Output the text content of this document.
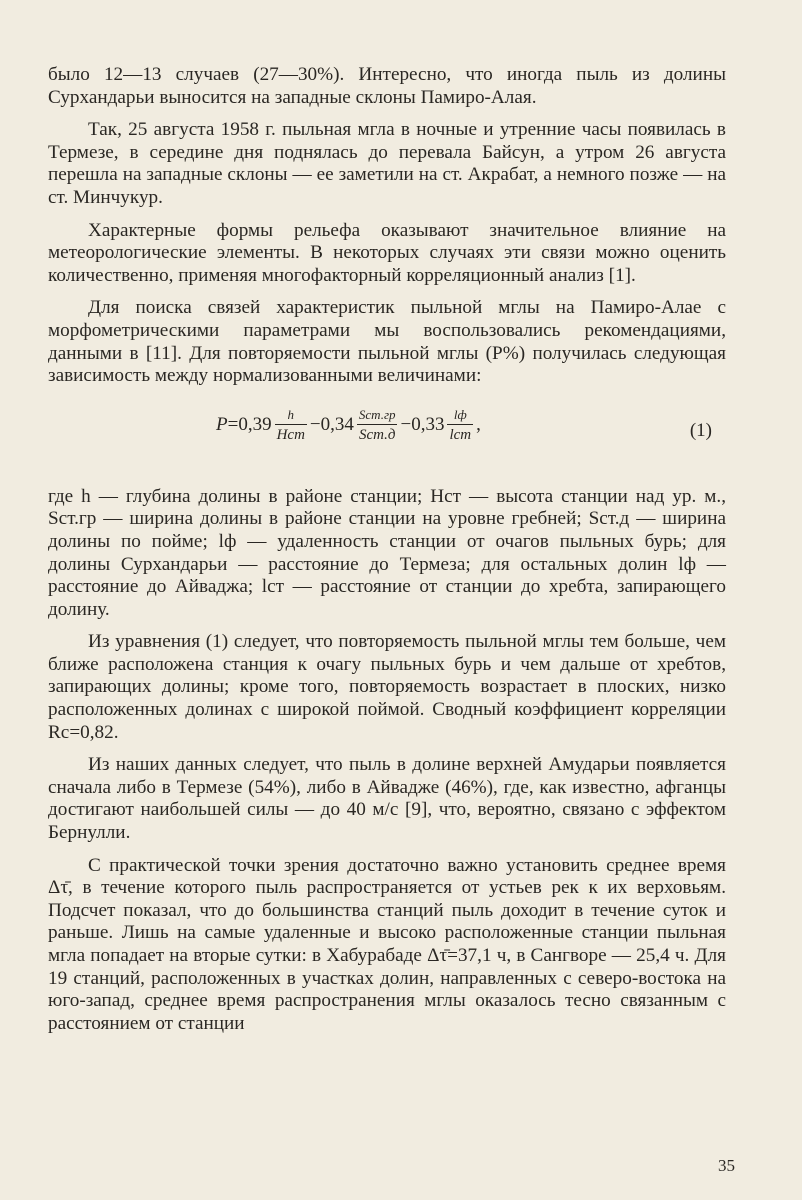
было 12—13 случаев (27—30%). Интересно, что иногда пыль из долины Сурхандарьи выносится на западные склоны Памиро-Алая.

Так, 25 августа 1958 г. пыльная мгла в ночные и утренние часы появилась в Термезе, в середине дня поднялась до перевала Байсун, а утром 26 августа перешла на западные склоны — ее заметили на ст. Акрабат, а немного позже — на ст. Минчукур.

Характерные формы рельефа оказывают значительное влияние на метеорологические элементы. В некоторых случаях эти связи можно оценить количественно, применяя многофакторный корреляционный анализ [1].

Для поиска связей характеристик пыльной мглы на Памиро-Алае с морфометрическими параметрами мы воспользовались рекомендациями, данными в [11]. Для повторяемости пыльной мглы (P%) получилась следующая зависимость между нормализованными величинами:

$P =0,39 \frac{h}{\text{Hст}} -0,34 \frac{\text{Sст.гр}}{\text{Sст.д}} -0,33 \frac{lф}{\text{lст}}$ ,	(1)

где h — глубина долины в районе станции; Hст — высота станции над ур. м., Sст.гр — ширина долины в районе станции на уровне гребней; Sст.д — ширина долины по пойме; lф — удаленность станции от очагов пыльных бурь; для долины Сурхандарьи — расстояние до Термеза; для остальных долин lф — расстояние до Айваджа; lст — расстояние от станции до хребта, запирающего долину.

Из уравнения (1) следует, что повторяемость пыльной мглы тем больше, чем ближе расположена станция к очагу пыльных бурь и чем дальше от хребтов, запирающих долины; кроме того, повторяемость возрастает в плоских, низко расположенных долинах с широкой поймой. Сводный коэффициент корреляции Rс=0,82.

Из наших данных следует, что пыль в долине верхней Амударьи появляется сначала либо в Термезе (54%), либо в Айвадже (46%), где, как известно, афганцы достигают наибольшей силы — до 40 м/с [9], что, вероятно, связано с эффектом Бернулли.

С практической точки зрения достаточно важно установить среднее время Δτ̄, в течение которого пыль распространяется от устьев рек к их верховьям. Подсчет показал, что до большинства станций пыль доходит в течение суток и раньше. Лишь на самые удаленные и высоко расположенные станции пыльная мгла попадает на вторые сутки: в Хабурабаде Δτ̄=37,1 ч, в Сангворе — 25,4 ч. Для 19 станций, расположенных в участках долин, направленных с северо-востока на юго-запад, среднее время распространения мглы оказалось тесно связанным с расстоянием от станции

35
